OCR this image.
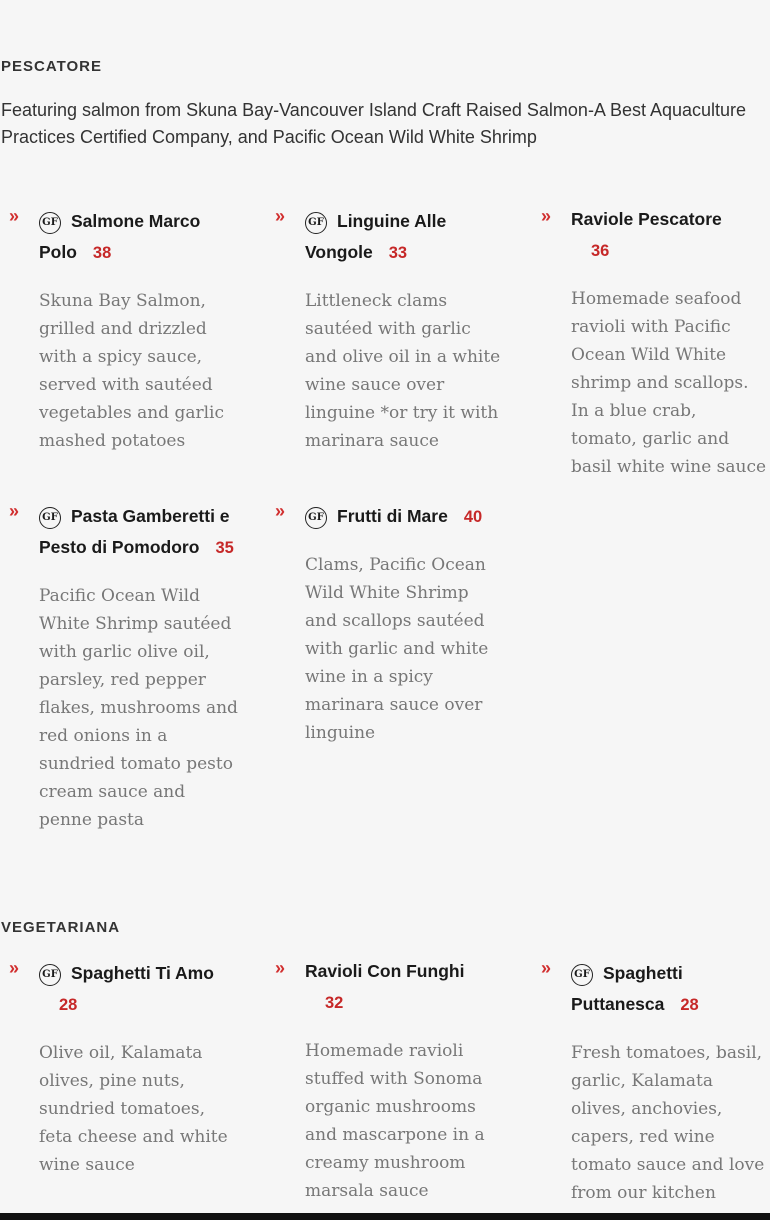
PESCATORE
Featuring salmon from Skuna Bay-Vancouver Island Craft Raised Salmon-A Best Aquaculture
Practices Certified Company, and Pacific Ocean Wild White Shrimp
»	GF Salmone Marco Polo 38
Skuna Bay Salmon, grilled and drizzled with a spicy sauce, served with sautéed vegetables and garlic mashed potatoes
»	GF Linguine Alle Vongole 33
Littleneck clams sautéed with garlic and olive oil in a white wine sauce over linguine *or try it with marinara sauce
» Raviole Pescatore
36
Homemade seafood ravioli with Pacific Ocean Wild White shrimp and scallops. In a blue crab, tomato, garlic and basil white wine sauce
»	GF Pasta Gamberetti e Pesto di Pomodoro 35
Pacific Ocean Wild White Shrimp sautéed with garlic olive oil, parsley, red pepper flakes, mushrooms and red onions in a sundried tomato pesto cream sauce and penne pasta
»	GF Frutti di Mare 40
Clams, Pacific Ocean Wild White Shrimp and scallops sautéed with garlic and white wine in a spicy marinara sauce over linguine
VEGETARIANA
»	GF Spaghetti Ti Amo
28
Olive oil, Kalamata olives, pine nuts, sundried tomatoes, feta cheese and white wine sauce
» Ravioli Con Funghi
32
Homemade ravioli stuffed with Sonoma organic mushrooms and mascarpone in a creamy mushroom marsala sauce
»	GF Spaghetti Puttanesca 28
Fresh tomatoes, basil, garlic, Kalamata olives, anchovies, capers, red wine tomato sauce and love from our kitchen
